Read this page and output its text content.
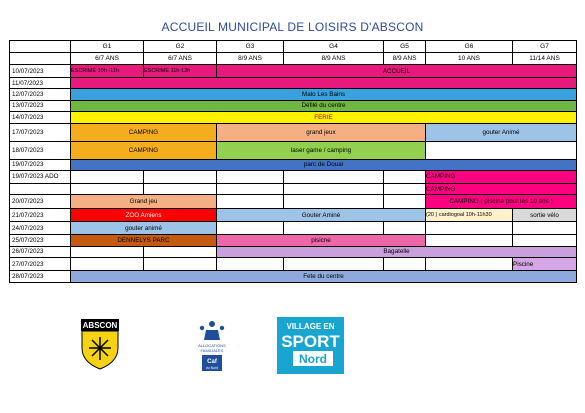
ACCUEIL MUNICIPAL DE LOISIRS D'ABSCON
	G1	G2	G3	G4	G5	G6	G7
	6/7 ANS	6/7 ANS	8/9 ANS	8/9 ANS	8/9 ANS	10 ANS	11/14 ANS
10/07/2023	ESCRIME 10h -11h	ESCRIME 11h-12h	ACCUEIL				
11/07/2023							
12/07/2023	Malo Les Bains						
13/07/2023	Défilé du centre						
14/07/2023	FERIE						
17/07/2023	CAMPING		grand jeux			gouter Animé	
18/07/2023	CAMPING		laser game / camping				
19/07/2023	parc de Douai						
19/07/2023 ADO						CAMPING	
						CAMPING	
20/07/2023	Grand jeu					CAMPING ( piscine pour les 10 ans )	
21/07/2023	ZOO Amiens		Gouter Aminé			(20 ) cardiogoal 10h-11h30	sortie vélo
24/07/2023	gouter animé						
25/07/2023	DENNELYS PARC		pisicne				
26/07/2023			Bagatelle				
27/07/2023							Piscine
28/07/2023	Fete du centre						
ABSCON
ALLOCATIONS
FAMILIALES
Caf
du Nord
VILLAGE EN
SPORT
Nord
